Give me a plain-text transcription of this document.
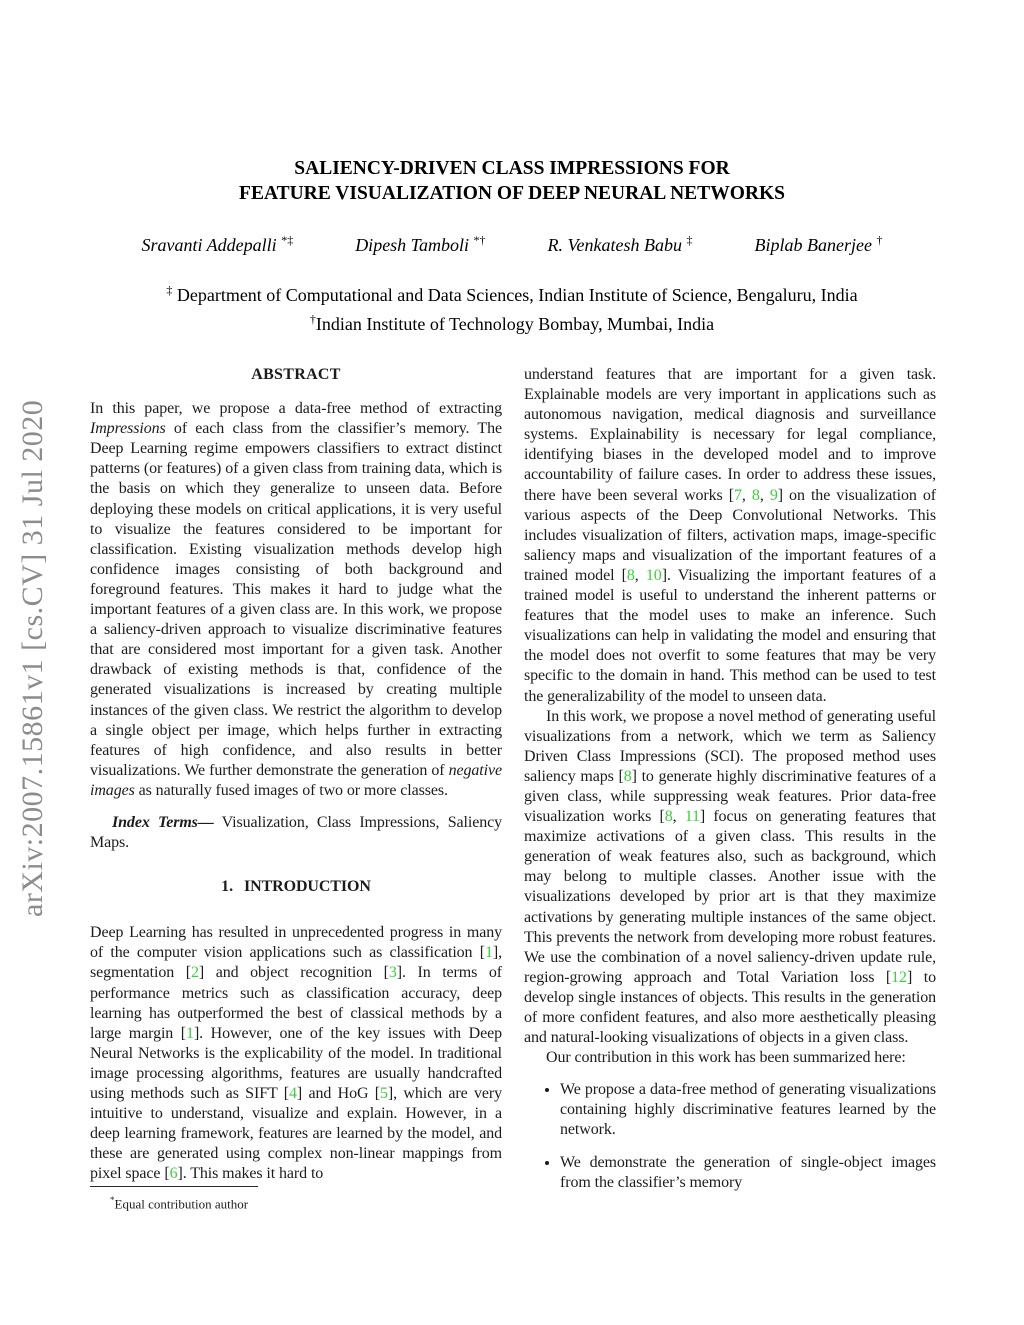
arXiv:2007.15861v1 [cs.CV] 31 Jul 2020
SALIENCY-DRIVEN CLASS IMPRESSIONS FOR
FEATURE VISUALIZATION OF DEEP NEURAL NETWORKS
Sravanti Addepalli *‡	Dipesh Tamboli *†	R. Venkatesh Babu ‡	Biplab Banerjee †
‡ Department of Computational and Data Sciences, Indian Institute of Science, Bengaluru, India
†Indian Institute of Technology Bombay, Mumbai, India
ABSTRACT

In this paper, we propose a data-free method of extracting Impressions of each class from the classifier’s memory. The Deep Learning regime empowers classifiers to extract distinct patterns (or features) of a given class from training data, which is the basis on which they generalize to unseen data. Before deploying these models on critical applications, it is very useful to visualize the features considered to be important for classification. Existing visualization methods develop high confidence images consisting of both background and foreground features. This makes it hard to judge what the important features of a given class are. In this work, we propose a saliency-driven approach to visualize discriminative features that are considered most important for a given task. Another drawback of existing methods is that, confidence of the generated visualizations is increased by creating multiple instances of the given class. We restrict the algorithm to develop a single object per image, which helps further in extracting features of high confidence, and also results in better visualizations. We further demonstrate the generation of negative images as naturally fused images of two or more classes.

Index Terms— Visualization, Class Impressions, Saliency Maps.

1. INTRODUCTION

Deep Learning has resulted in unprecedented progress in many of the computer vision applications such as classification [1], segmentation [2] and object recognition [3]. In terms of performance metrics such as classification accuracy, deep learning has outperformed the best of classical methods by a large margin [1]. However, one of the key issues with Deep Neural Networks is the explicability of the model. In traditional image processing algorithms, features are usually handcrafted using methods such as SIFT [4] and HoG [5], which are very intuitive to understand, visualize and explain. However, in a deep learning framework, features are learned by the model, and these are generated using complex non-linear mappings from pixel space [6]. This makes it hard to

understand features that are important for a given task. Explainable models are very important in applications such as autonomous navigation, medical diagnosis and surveillance systems. Explainability is necessary for legal compliance, identifying biases in the developed model and to improve accountability of failure cases. In order to address these issues, there have been several works [7, 8, 9] on the visualization of various aspects of the Deep Convolutional Networks. This includes visualization of filters, activation maps, image-specific saliency maps and visualization of the important features of a trained model [8, 10]. Visualizing the important features of a trained model is useful to understand the inherent patterns or features that the model uses to make an inference. Such visualizations can help in validating the model and ensuring that the model does not overfit to some features that may be very specific to the domain in hand. This method can be used to test the generalizability of the model to unseen data.

In this work, we propose a novel method of generating useful visualizations from a network, which we term as Saliency Driven Class Impressions (SCI). The proposed method uses saliency maps [8] to generate highly discriminative features of a given class, while suppressing weak features. Prior data-free visualization works [8, 11] focus on generating features that maximize activations of a given class. This results in the generation of weak features also, such as background, which may belong to multiple classes. Another issue with the visualizations developed by prior art is that they maximize activations by generating multiple instances of the same object. This prevents the network from developing more robust features. We use the combination of a novel saliency-driven update rule, region-growing approach and Total Variation loss [12] to develop single instances of objects. This results in the generation of more confident features, and also more aesthetically pleasing and natural-looking visualizations of objects in a given class.

Our contribution in this work has been summarized here:

• We propose a data-free method of generating visualizations containing highly discriminative features learned by the network.
• We demonstrate the generation of single-object images from the classifier’s memory
*Equal contribution author
